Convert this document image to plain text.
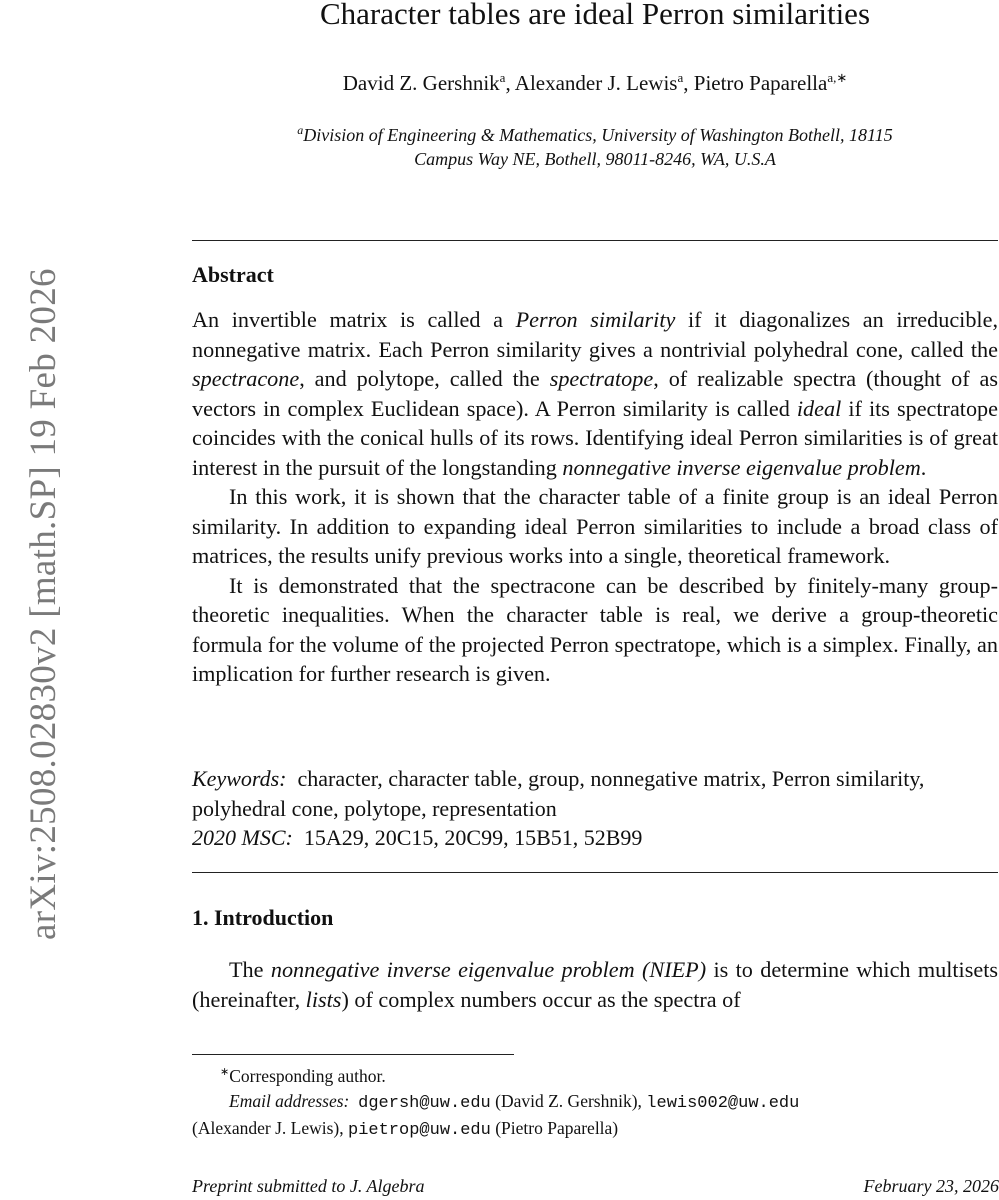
arXiv:2508.02830v2 [math.SP] 19 Feb 2026
Character tables are ideal Perron similarities
David Z. Gershnik$^a$, Alexander J. Lewis$^a$, Pietro Paparella$^{a,∗}$
$^a$Division of Engineering & Mathematics, University of Washington Bothell, 18115
Campus Way NE, Bothell, 98011-8246, WA, U.S.A
Abstract

An invertible matrix is called a Perron similarity if it diagonalizes an irreducible, nonnegative matrix. Each Perron similarity gives a nontrivial polyhedral cone, called the spectracone, and polytope, called the spectratope, of realizable spectra (thought of as vectors in complex Euclidean space). A Perron similarity is called ideal if its spectratope coincides with the conical hulls of its rows. Identifying ideal Perron similarities is of great interest in the pursuit of the longstanding nonnegative inverse eigenvalue problem.

In this work, it is shown that the character table of a finite group is an ideal Perron similarity. In addition to expanding ideal Perron similarities to include a broad class of matrices, the results unify previous works into a single, theoretical framework.

It is demonstrated that the spectracone can be described by finitely-many group-theoretic inequalities. When the character table is real, we derive a group-theoretic formula for the volume of the projected Perron spectratope, which is a simplex. Finally, an implication for further research is given.

Keywords: character, character table, group, nonnegative matrix, Perron similarity, polyhedral cone, polytope, representation
2020 MSC: 15A29, 20C15, 20C99, 15B51, 52B99
1. Introduction

The nonnegative inverse eigenvalue problem (NIEP) is to determine which multisets (hereinafter, lists) of complex numbers occur as the spectra of

∗Corresponding author.

Email addresses: dgersh@uw.edu (David Z. Gershnik), lewis002@uw.edu

(Alexander J. Lewis), pietrop@uw.edu (Pietro Paparella)

Preprint submitted to J. Algebra	February 23, 2026
